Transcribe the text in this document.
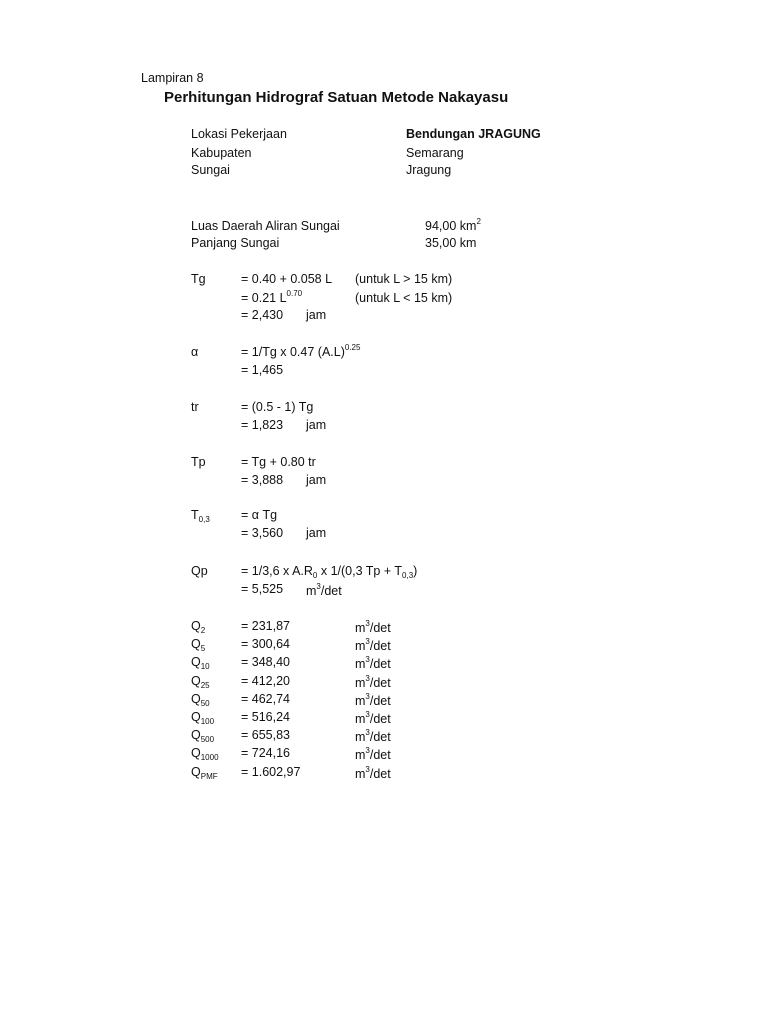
Lampiran 8
Perhitungan Hidrograf Satuan Metode Nakayasu
Lokasi Pekerjaan	Bendungan JRAGUNG
Kabupaten	Semarang
Sungai	Jragung
Luas Daerah Aliran Sungai	94,00 $km^2$
Panjang Sungai	35,00 km
Tg	= 0.40 + 0.058 L (untuk L > 15 km)
= 0.21 $L^{0.70}$	(untuk L < 15 km)
= 2,430 jam
α	= 1/Tg x 0.47 $(A.L)^{0.25}$
= 1,465
tr	= (0.5 - 1) Tg
= 1,823 jam
Tp	= Tg + 0.80 tr
= 3,888 jam
$T_{0,3} = \alpha$ Tg
= 3,560 jam
Qp	= 1/3,6 x $A.R_0$ x 1/(0,3 $Tp + T_{0,3}$)
= 5,525 $m^3/\det$
$Q_2$	= 231,87	$m^3/\det$
$Q_5$	= 300,64	$m^3/\det$
$Q_{10}$	= 348,40	$m^3/\det$
$Q_{25}$	= 412,20	$m^3/\det$
$Q_{50}$	= 462,74	$m^3/\det$
$Q_{100} = 516,24$	$m^3/\det$
$Q_{500} = 655,83$	$m^3/\det$
$Q_{1000} = 724,16$	$m^3/\det$
$Q_{PMF} = 1.602,97$	$m^3/\det$
